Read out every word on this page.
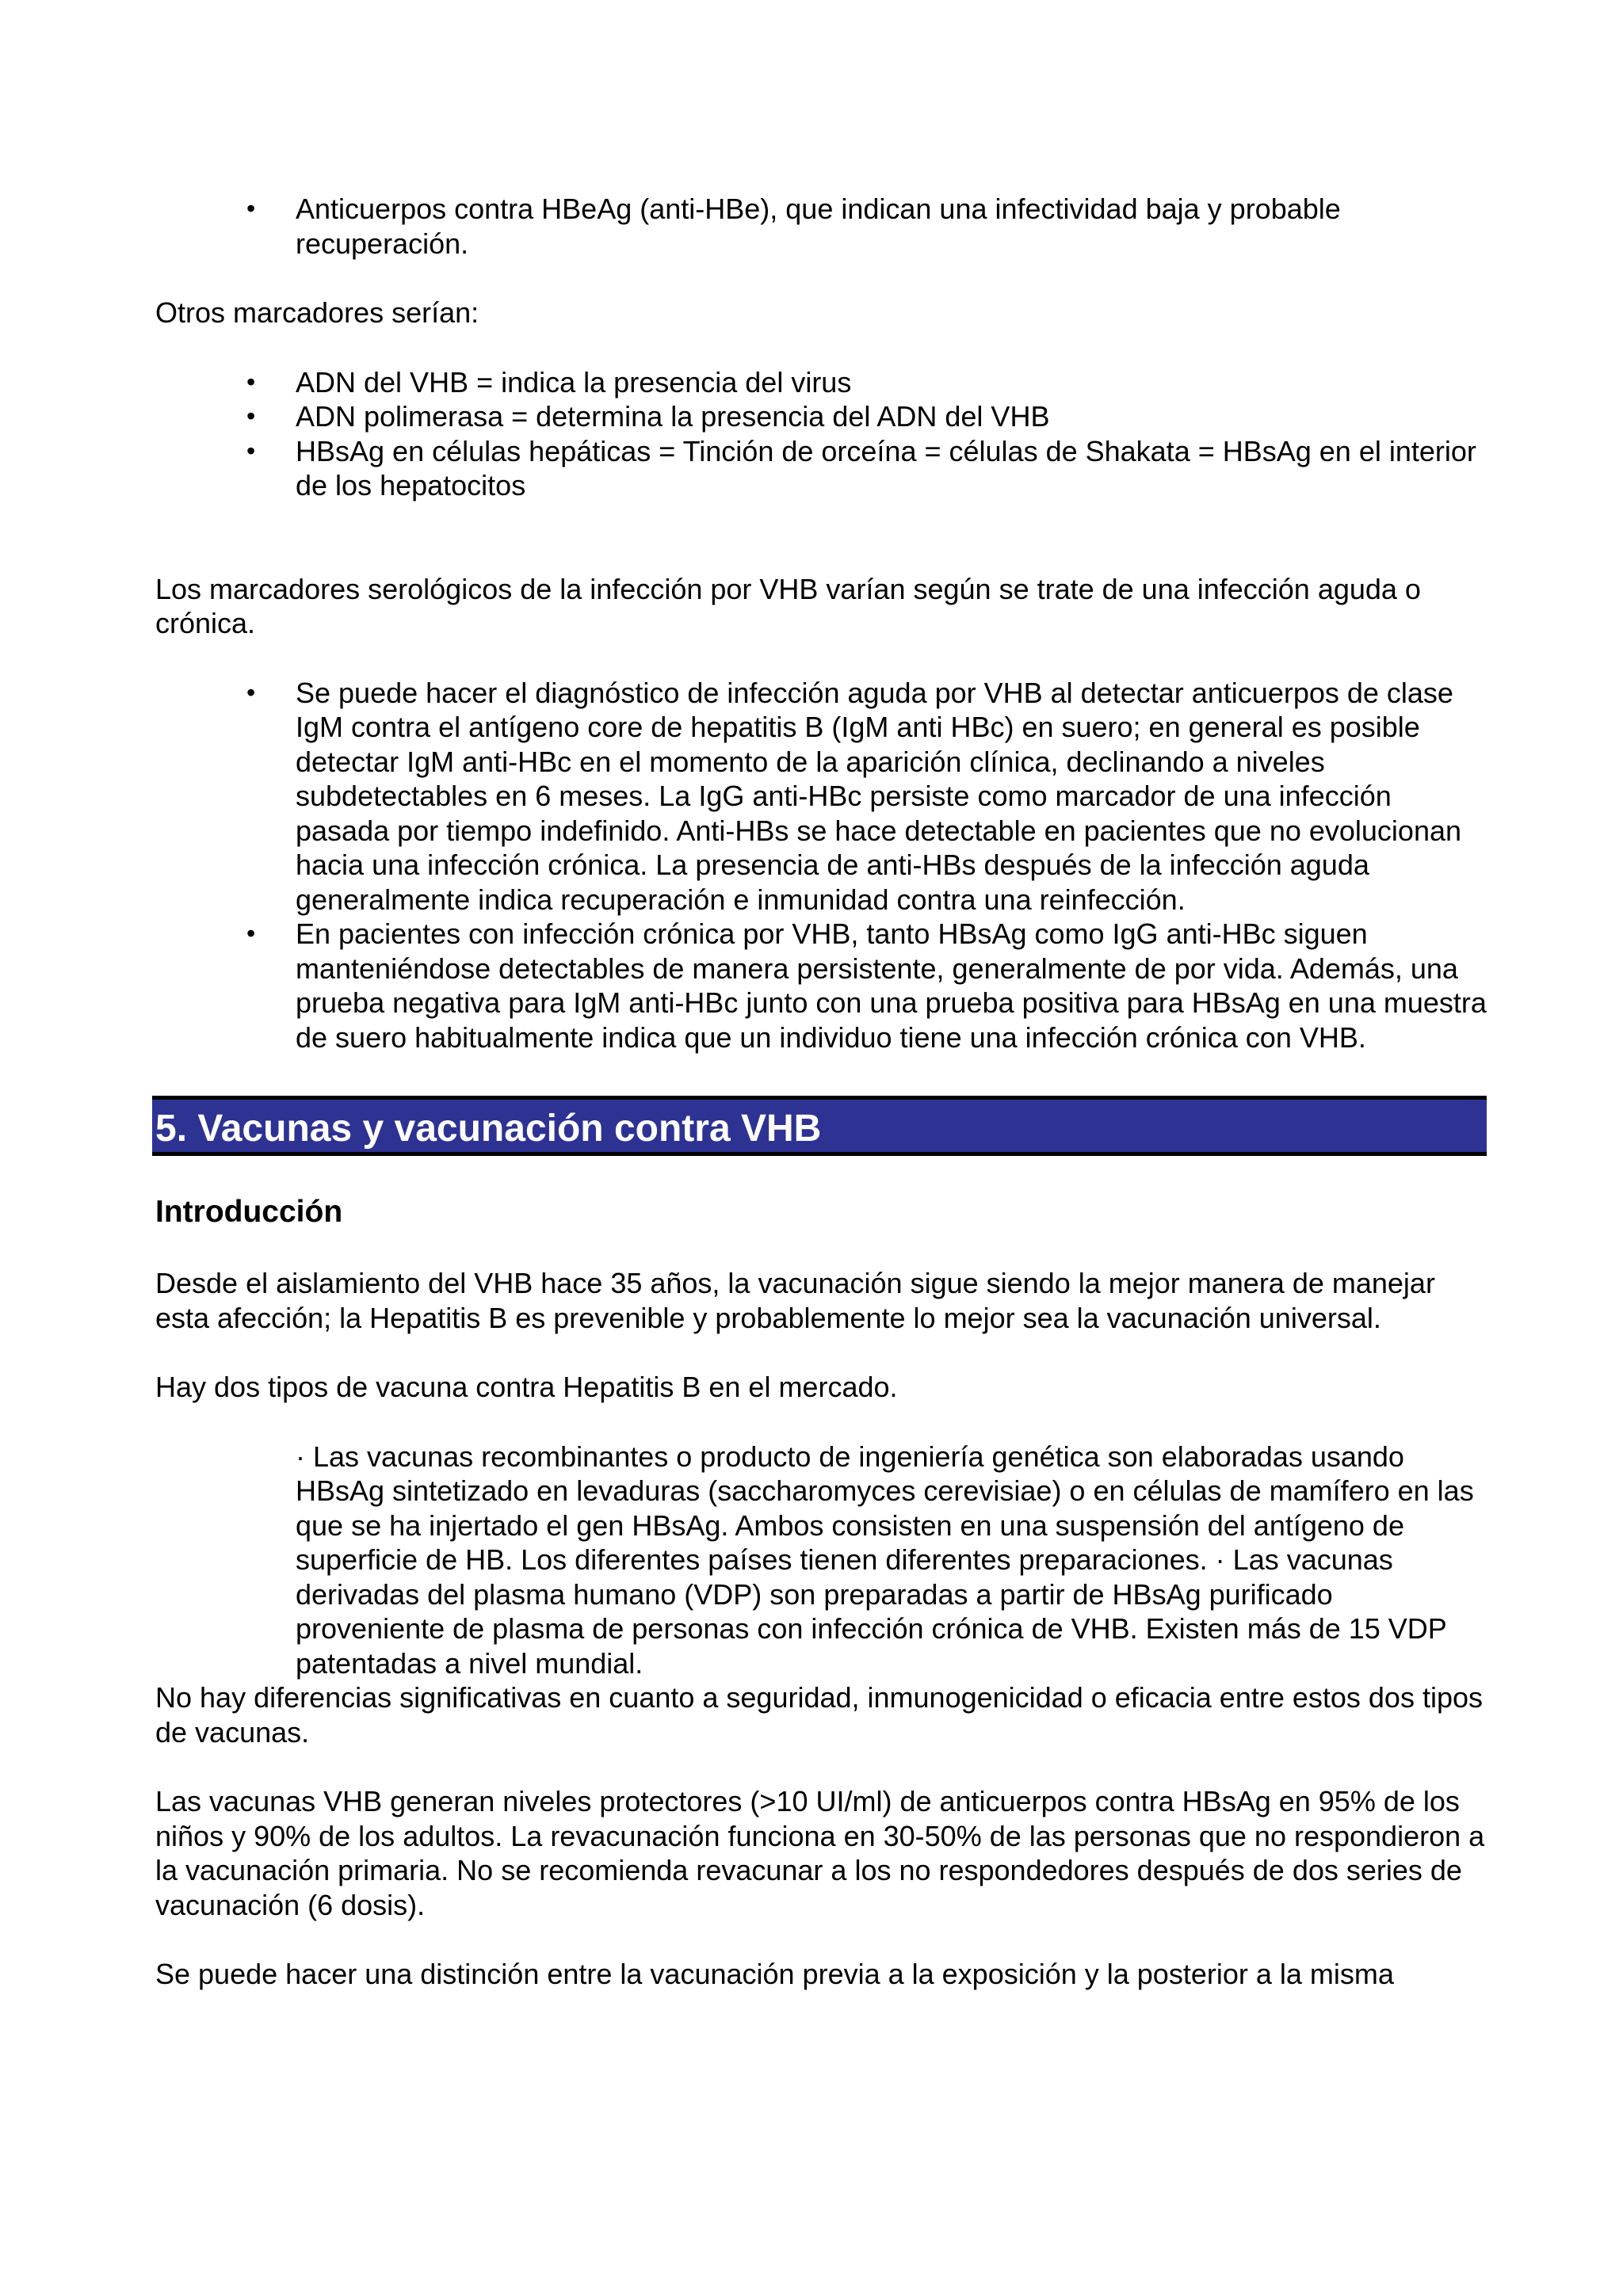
• Anticuerpos contra HBeAg (anti-HBe), que indican una infectividad baja y probable recuperación.

Otros marcadores serían:

• ADN del VHB = indica la presencia del virus
• ADN polimerasa = determina la presencia del ADN del VHB
• HBsAg en células hepáticas = Tinción de orceína = células de Shakata = HBsAg en el interior de los hepatocitos

Los marcadores serológicos de la infección por VHB varían según se trate de una infección aguda o crónica.

• Se puede hacer el diagnóstico de infección aguda por VHB al detectar anticuerpos de clase IgM contra el antígeno core de hepatitis B (IgM anti HBc) en suero; en general es posible detectar IgM anti-HBc en el momento de la aparición clínica, declinando a niveles subdetectables en 6 meses. La IgG anti-HBc persiste como marcador de una infección pasada por tiempo indefinido. Anti-HBs se hace detectable en pacientes que no evolucionan hacia una infección crónica. La presencia de anti-HBs después de la infección aguda generalmente indica recuperación e inmunidad contra una reinfección.
• En pacientes con infección crónica por VHB, tanto HBsAg como IgG anti-HBc siguen manteniéndose detectables de manera persistente, generalmente de por vida. Además, una prueba negativa para IgM anti-HBc junto con una prueba positiva para HBsAg en una muestra de suero habitualmente indica que un individuo tiene una infección crónica con VHB.
5. Vacunas y vacunación contra VHB
Introducción

Desde el aislamiento del VHB hace 35 años, la vacunación sigue siendo la mejor manera de manejar esta afección; la Hepatitis B es prevenible y probablemente lo mejor sea la vacunación universal.

Hay dos tipos de vacuna contra Hepatitis B en el mercado.

· Las vacunas recombinantes o producto de ingeniería genética son elaboradas usando HBsAg sintetizado en levaduras (saccharomyces cerevisiae) o en células de mamífero en las que se ha injertado el gen HBsAg. Ambos consisten en una suspensión del antígeno de superficie de HB. Los diferentes países tienen diferentes preparaciones. · Las vacunas derivadas del plasma humano (VDP) son preparadas a partir de HBsAg purificado proveniente de plasma de personas con infección crónica de VHB. Existen más de 15 VDP patentadas a nivel mundial.

No hay diferencias significativas en cuanto a seguridad, inmunogenicidad o eficacia entre estos dos tipos de vacunas.

Las vacunas VHB generan niveles protectores (>10 UI/ml) de anticuerpos contra HBsAg en 95% de los niños y 90% de los adultos. La revacunación funciona en 30-50% de las personas que no respondieron a la vacunación primaria. No se recomienda revacunar a los no respondedores después de dos series de vacunación (6 dosis).

Se puede hacer una distinción entre la vacunación previa a la exposición y la posterior a la misma
